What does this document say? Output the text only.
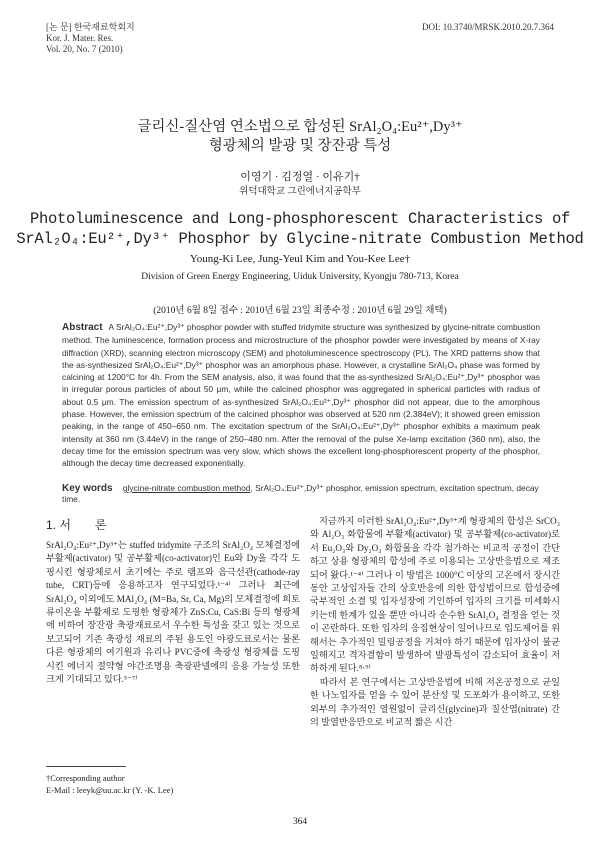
[논 문] 한국재료학회지
Kor. J. Mater. Res.
Vol. 20, No. 7 (2010)
DOI: 10.3740/MRSK.2010.20.7.364
글리신-질산염 연소법으로 합성된 SrAl₂O₄:Eu²⁺,Dy³⁺
형광체의 발광 및 장잔광 특성
이영기 · 김정열 · 이유기†
위덕대학교 그린에너지공학부
Photoluminescence and Long-phosphorescent Characteristics of
SrAl₂O₄:Eu²⁺,Dy³⁺ Phosphor by Glycine-nitrate Combustion Method
Young-Ki Lee, Jung-Yeul Kim and You-Kee Lee†
Division of Green Energy Engineering, Uiduk University, Kyongju 780-713, Korea
(2010년 6월 8일 접수 : 2010년 6월 23일 최종수정 : 2010년 6월 29일 채택)
Abstract A SrAl₂O₄:Eu²⁺,Dy³⁺ phosphor powder with stuffed tridymite structure was synthesized by glycine-nitrate combustion method. The luminescence, formation process and microstructure of the phosphor powder were investigated by means of X-ray diffraction (XRD), scanning electron microscopy (SEM) and photoluminescence spectroscopy (PL). The XRD patterns show that the as-synthesized SrAl₂O₄:Eu²⁺,Dy³⁺ phosphor was an amorphous phase. However, a crystalline SrAl₂O₄ phase was formed by calcining at 1200°C for 4h. From the SEM analysis, also, it was found that the as-synthesized SrAl₂O₄:Eu²⁺,Dy³⁺ phosphor was in irregular porous particles of about 50 μm, while the calcined phosphor was aggregated in spherical particles with radius of about 0.5 μm. The emission spectrum of as-synthesized SrAl₂O₄:Eu²⁺,Dy³⁺ phosphor did not appear, due to the amorphous phase. However, the emission spectrum of the calcined phosphor was observed at 520 nm (2.384eV); it showed green emission peaking, in the range of 450–650 nm. The excitation spectrum of the SrAl₂O₄:Eu²⁺,Dy³⁺ phosphor exhibits a maximum peak intensity at 360 nm (3.44eV) in the range of 250–480 nm. After the removal of the pulse Xe-lamp excitation (360 nm), also, the decay time for the emission spectrum was very slow, which shows the excellent long-phosphorescent property of the phosphor, although the decay time decreased exponentially.
Key words glycine-nitrate combustion method, SrAl₂O₄:Eu²⁺,Dy³⁺ phosphor, emission spectrum, excitation spectrum, decay time.
1. 서　　론

SrAl₂O₄:Eu²⁺,Dy³⁺는 stuffed tridymite 구조의 SrAl₂O₄ 모체결정에 부활제(activator) 및 공부활제(co-activator)인 Eu와 Dy을 각각 도핑시킨 형광체로서 초기에는 주로 램프와 음극선관(cathode-ray tube, CRT)등에 응용하고자 연구되었다.¹⁻⁴⁾ 그러나 최근에 SrAl₂O₄ 이외에도 MAl₂O₄ (M=Ba, Sr, Ca, Mg)의 모체결정에 희토류이온을 부활제로 도핑한 형광체가 ZnS:Cu, CaS:Bi 등의 형광체에 비하여 장잔광 축광재료로서 우수한 특성을 갖고 있는 것으로 보고되어 기존 축광성 재료의 주된 용도인 야광도료로서는 물론 다른 형광체의 여기원과 유리나 PVC중에 축광성 형광체를 도핑시킨 에너지 절약형 야간조명용 축광판넬에의 응용 가능성 또한 크게 기대되고 있다.⁵⁻⁷⁾

지금까지 이러한 SrAl₂O₄:Eu²⁺,Dy³⁺계 형광체의 합성은 SrCO₃와 Al₂O₃ 화합물에 부활제(activator) 및 공부활제(co-activator)로서 Eu₂O₃와 Dy₂O₃ 화합물을 각각 첨가하는 비교적 공정이 간단하고 상용 형광체의 합성에 주로 이용되는 고상반응법으로 제조되어 왔다.¹⁻⁴⁾ 그러나 이 방법은 1000°C 이상의 고온에서 장시간 동안 고상입자들 간의 상호반응에 의한 합성법이므로 합성중에 국부적인 소결 및 입자성장에 기인하여 입자의 크기를 미세화시키는데 한계가 있을 뿐만 아니라 순수한 SrAl₂O₄ 결정을 얻는 것이 곤란하다. 또한 입자의 응집현상이 일어나므로 입도제어를 위해서는 추가적인 밀링공정을 거쳐야 하기 때문에 입자상이 불균일해지고 격자결함이 발생하여 발광특성이 감소되어 효율이 저하하게 된다.⁸·⁹⁾
　따라서 본 연구에서는 고상반응법에 비해 저온공정으로 균일한 나노입자를 얻을 수 있어 분산성 및 도포화가 용이하고, 또한 외부의 추가적인 열원없이 글리신(glycine)과 질산염(nitrate) 간의 발열반응만으로 비교적 짧은 시간

†Corresponding author
E-Mail : leeyk@uu.ac.kr (Y. -K. Lee)
364
